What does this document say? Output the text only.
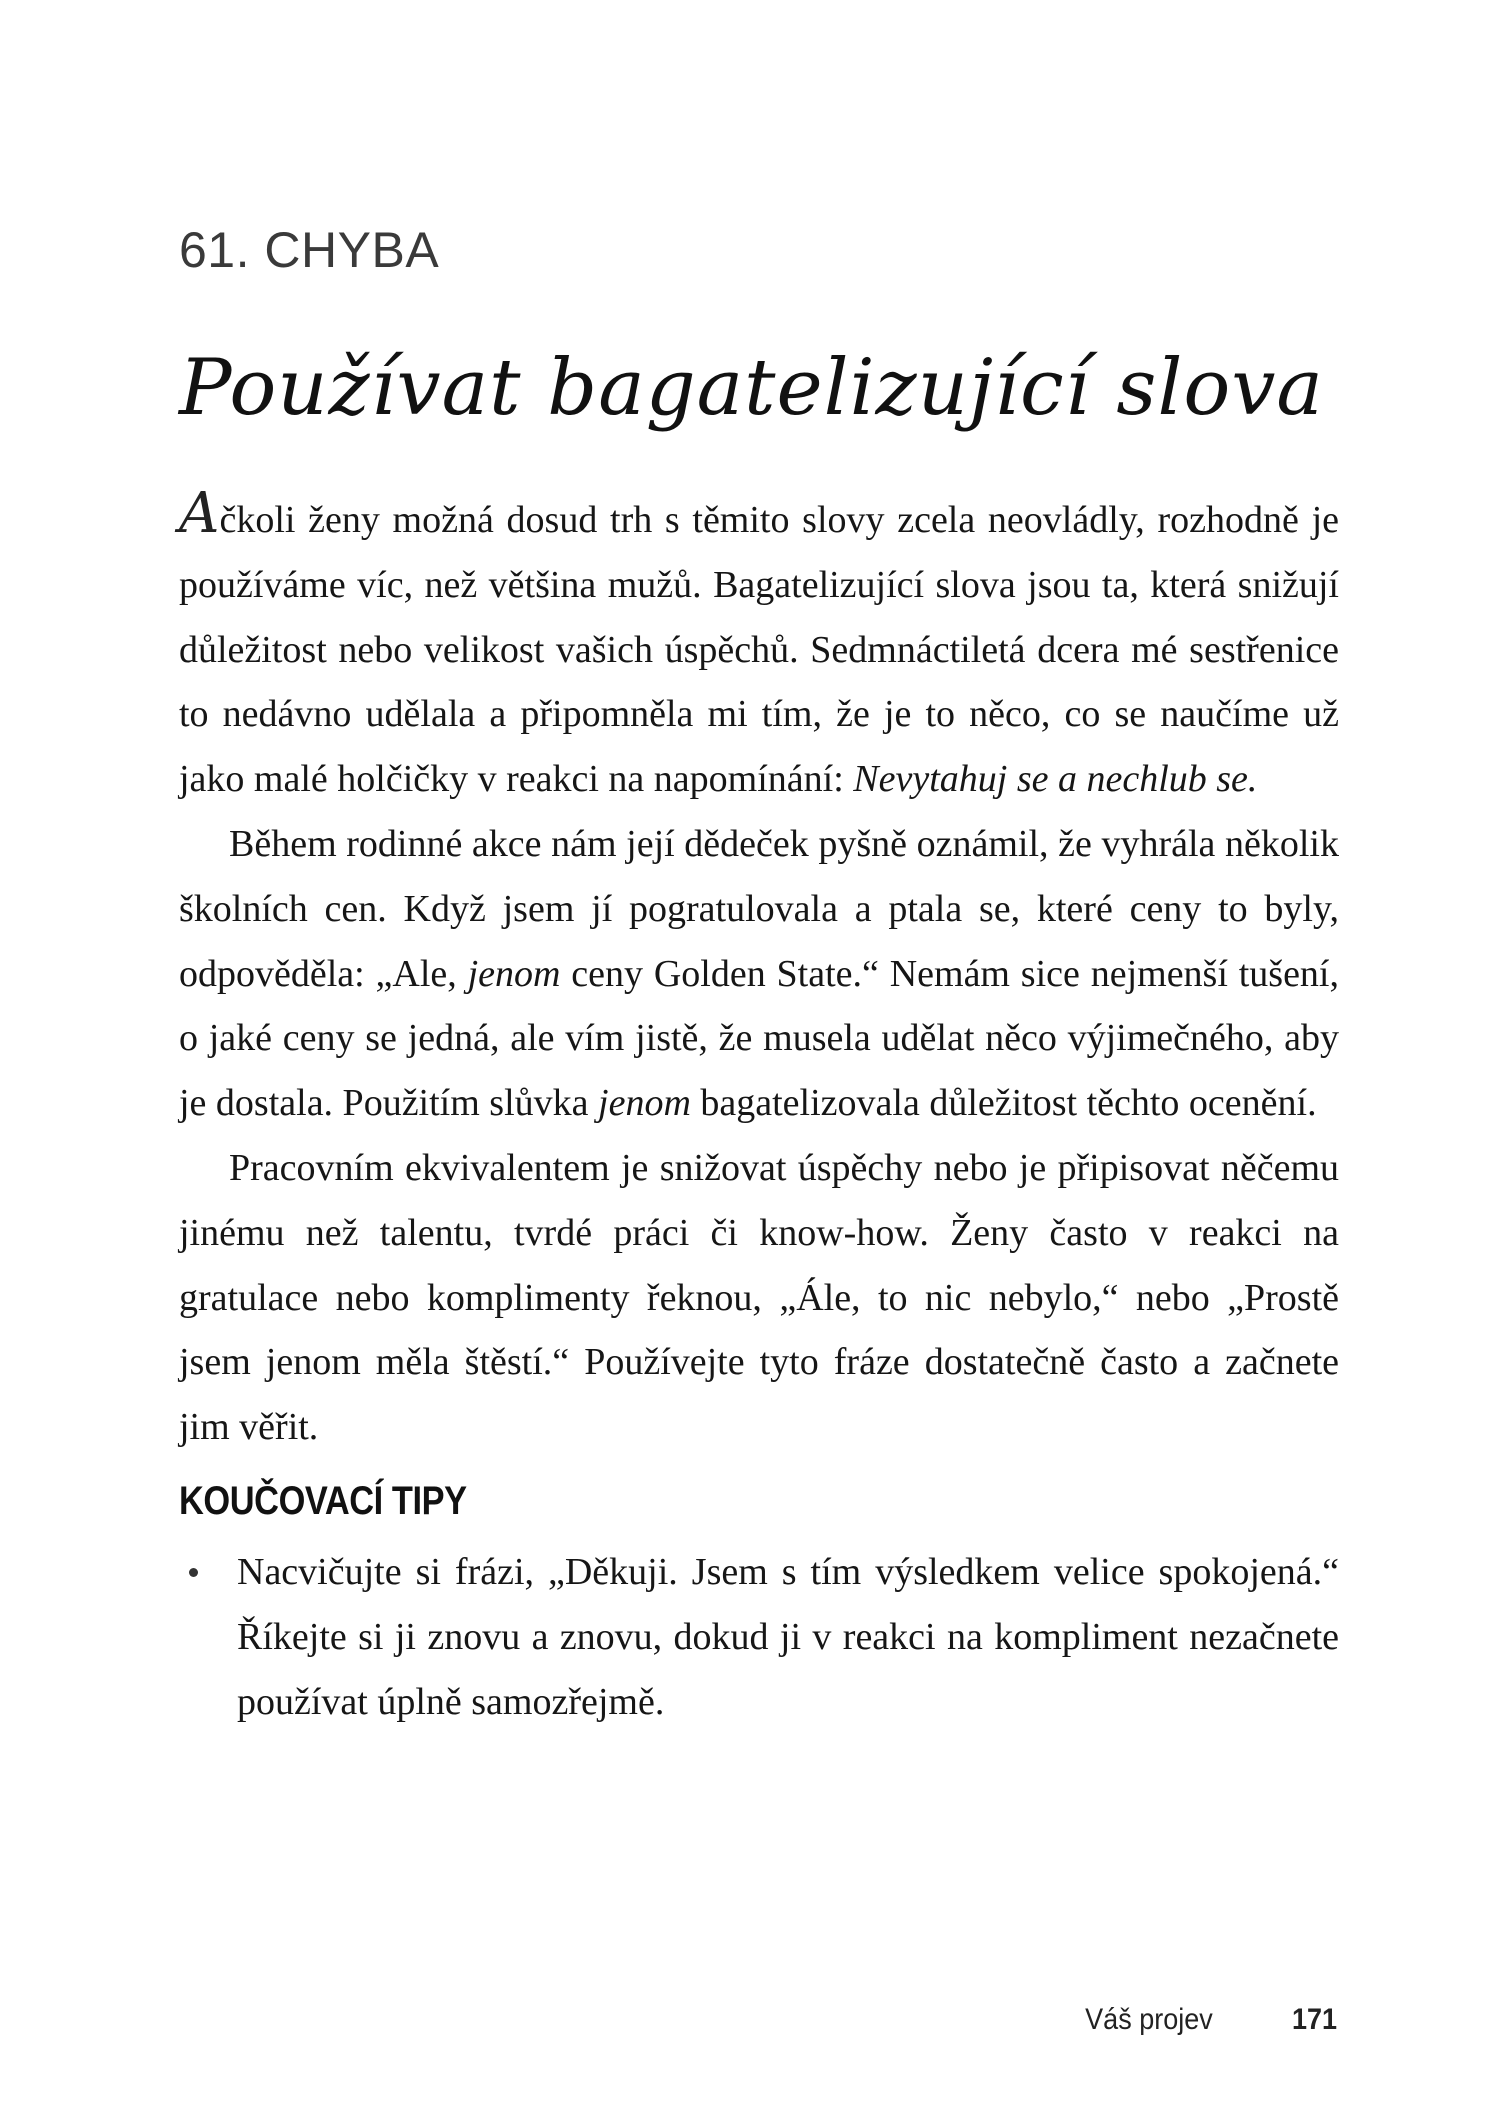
61. CHYBA
Používat bagatelizující slova

Ačkoli ženy možná dosud trh s těmito slovy zcela neovládly, rozhodně je používáme víc, než většina mužů. Bagatelizující slova jsou ta, která snižují důležitost nebo velikost vašich úspěchů. Sedmnáctiletá dcera mé sestřenice to nedávno udělala a připomněla mi tím, že je to něco, co se naučíme už jako malé holčičky v reakci na napomínání: Nevytahuj se a nechlub se.

Během rodinné akce nám její dědeček pyšně oznámil, že vyhrála několik školních cen. Když jsem jí pogratulovala a ptala se, které ceny to byly, odpověděla: „Ale, jenom ceny Golden State.“ Nemám sice nejmenší tušení, o jaké ceny se jedná, ale vím jistě, že musela udělat něco výjimečného, aby je dostala. Použitím slůvka jenom bagatelizovala důležitost těchto ocenění.

Pracovním ekvivalentem je snižovat úspěchy nebo je připisovat něčemu jinému než talentu, tvrdé práci či know-how. Ženy často v reakci na gratulace nebo komplimenty řeknou, „Ále, to nic nebylo,“ nebo „Prostě jsem jenom měla štěstí.“ Používejte tyto fráze dostatečně často a začnete jim věřit.

KOUČOVACÍ TIPY
Nacvičujte si frázi, „Děkuji. Jsem s tím výsledkem velice spokojená.“ Říkejte si ji znovu a znovu, dokud ji v reakci na kompliment nezačnete používat úplně samozřejmě.
Váš projev	171
